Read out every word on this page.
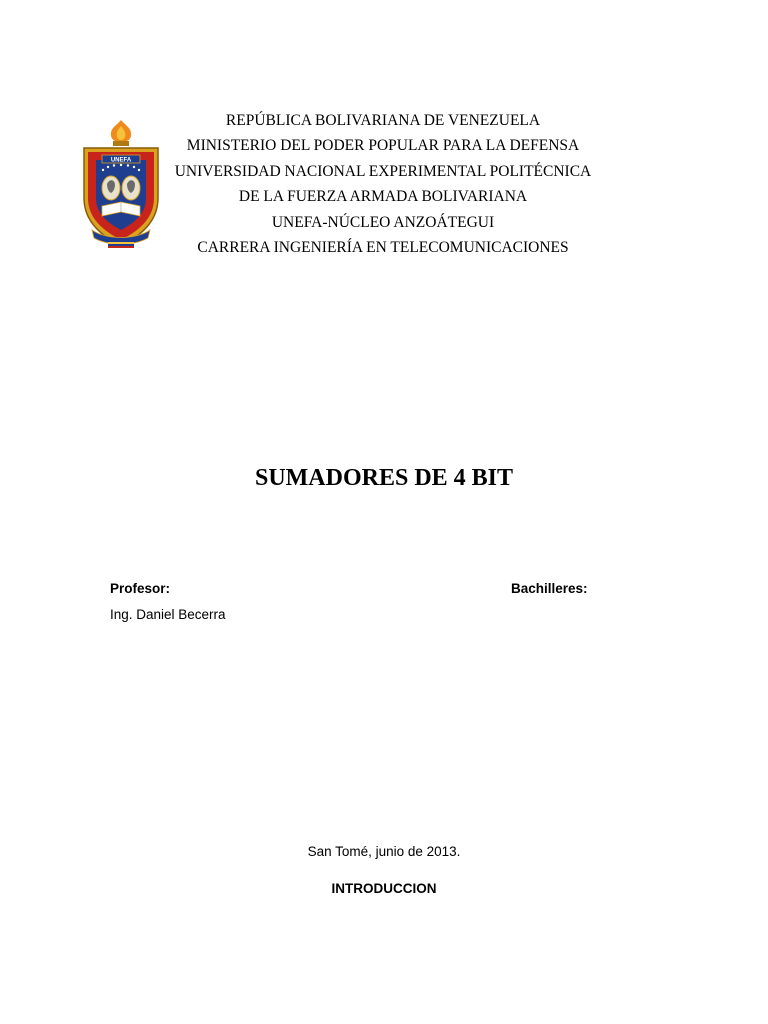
UNEFA
REPÚBLICA BOLIVARIANA DE VENEZUELA
MINISTERIO DEL PODER POPULAR PARA LA DEFENSA
UNIVERSIDAD NACIONAL EXPERIMENTAL POLITÉCNICA
DE LA FUERZA ARMADA BOLIVARIANA
UNEFA-NÚCLEO ANZOÁTEGUI
CARRERA INGENIERÍA EN TELECOMUNICACIONES
SUMADORES DE 4 BIT
Profesor:
Ing. Daniel Becerra
Bachilleres:
San Tomé, junio de 2013.
INTRODUCCION
